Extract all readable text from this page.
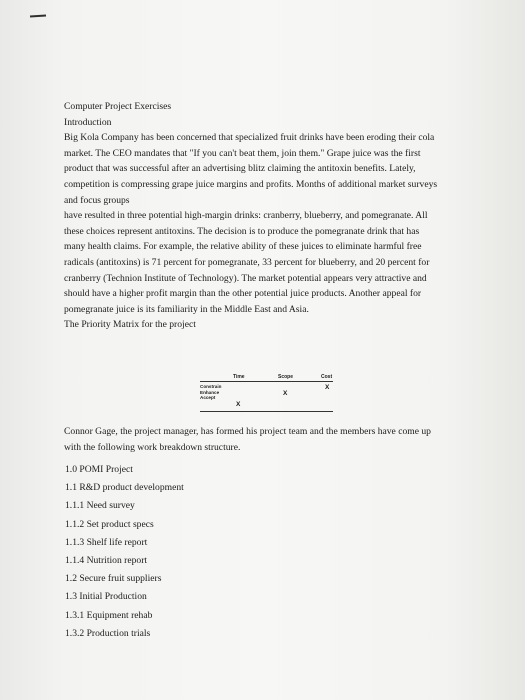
Computer Project Exercises
Introduction
Big Kola Company has been concerned that specialized fruit drinks have been eroding their cola
market. The CEO mandates that "If you can't beat them, join them." Grape juice was the first
product that was successful after an advertising blitz claiming the antitoxin benefits. Lately,
competition is compressing grape juice margins and profits. Months of additional market surveys
and focus groups
have resulted in three potential high-margin drinks: cranberry, blueberry, and pomegranate. All
these choices represent antitoxins. The decision is to produce the pomegranate drink that has
many health claims. For example, the relative ability of these juices to eliminate harmful free
radicals (antitoxins) is 71 percent for pomegranate, 33 percent for blueberry, and 20 percent for
cranberry (Technion Institute of Technology). The market potential appears very attractive and
should have a higher profit margin than the other potential juice products. Another appeal for
pomegranate juice is its familiarity in the Middle East and Asia.
The Priority Matrix for the project
Time	Scope	Cost
Constrain
Enhance
Accept
X
X
X
Connor Gage, the project manager, has formed his project team and the members have come up
with the following work breakdown structure.
1.0 POMI Project
1.1 R&D product development
1.1.1 Need survey
1.1.2 Set product specs
1.1.3 Shelf life report
1.1.4 Nutrition report
1.2 Secure fruit suppliers
1.3 Initial Production
1.3.1 Equipment rehab
1.3.2 Production trials
